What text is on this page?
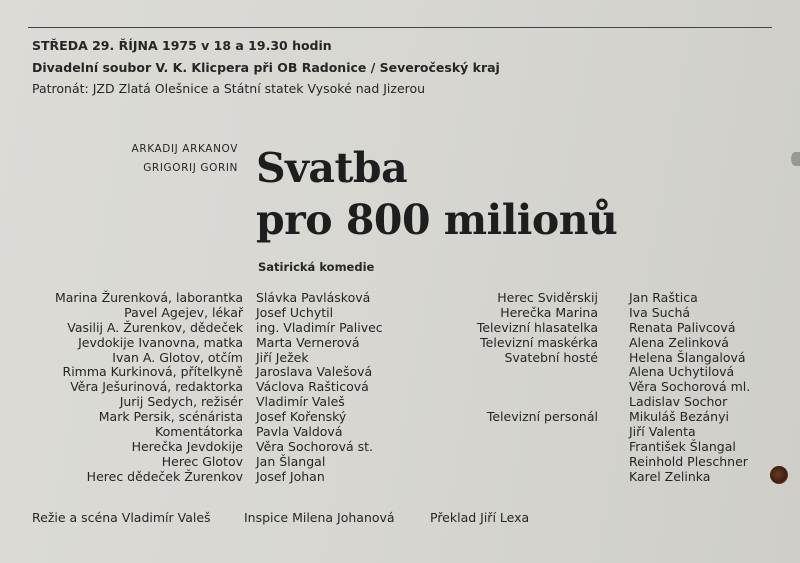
STŘEDA 29. ŘÍJNA 1975 v 18 a 19.30 hodin
Divadelní soubor V. K. Klicpera při OB Radonice / Severočeský kraj
Patronát: JZD Zlatá Olešnice a Státní statek Vysoké nad Jizerou
ARKADIJ ARKANOV
GRIGORIJ GORIN Svatba
pro 800 milionů
Satirická komedie
Marina Žurenková, laborantka
Pavel Agejev, lékař
Vasilij A. Žurenkov, dědeček
Jevdokije Ivanovna, matka
Ivan A. Glotov, otčím
Rimma Kurkinová, přítelkyně
Věra Ješurinová, redaktorka
Jurij Sedych, režisér
Mark Persik, scénárista
Komentátorka
Herečka Jevdokije
Herec Glotov
Herec dědeček Žurenkov
Slávka Pavlásková
Josef Uchytil
ing. Vladimír Palivec
Marta Vernerová
Jiří Ježek
Jaroslava Valešová
Václova Rašticová
Vladimír Valeš
Josef Kořenský
Pavla Valdová
Věra Sochorová st.
Jan Šlangal
Josef Johan
Herec Sviděrskij
Herečka Marina
Televizní hlasatelka
Televizní maskérka
Svatební hosté
Televizní personál
Jan Raštica
Iva Suchá
Renata Palivcová
Alena Zelinková
Helena Šlangalová
Alena Uchytilová
Věra Sochorová ml.
Ladislav Sochor
Mikuláš Bezányi
Jiří Valenta
František Šlangal
Reinhold Pleschner
Karel Zelinka
Režie a scéna Vladimír Valeš	Inspice Milena Johanová	Překlad Jiří Lexa
